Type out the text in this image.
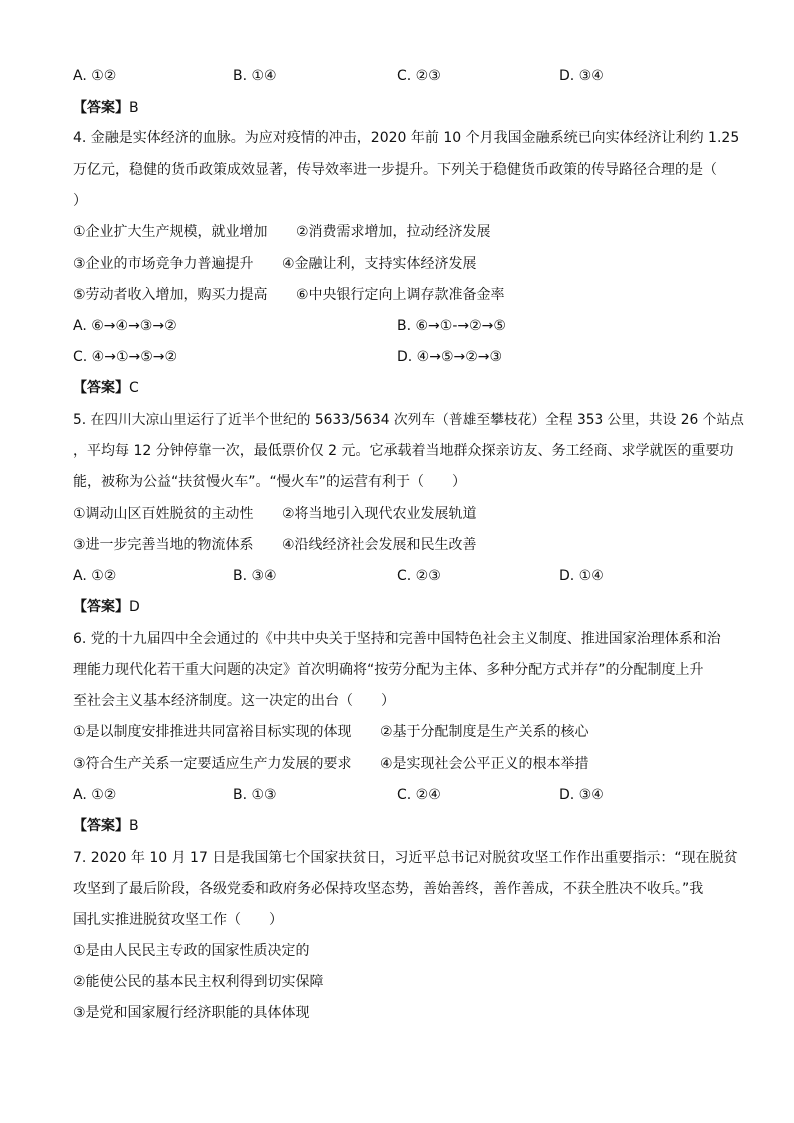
A. ①②	B. ①④	C. ②③	D. ③④
【答案】B
4. 金融是实体经济的血脉。为应对疫情的冲击，2020 年前 10 个月我国金融系统已向实体经济让利约 1.25
万亿元，稳健的货币政策成效显著，传导效率进一步提升。下列关于稳健货币政策的传导路径合理的是（
）
①企业扩大生产规模，就业增加 ②消费需求增加，拉动经济发展
③企业的市场竞争力普遍提升 ④金融让利，支持实体经济发展
⑤劳动者收入增加，购买力提高 ⑥中央银行定向上调存款准备金率
A. ⑥→④→③→②	B. ⑥→①-→②→⑤
C. ④→①→⑤→②	D. ④→⑤→②→③
【答案】C
5. 在四川大凉山里运行了近半个世纪的 5633/5634 次列车（普雄至攀枝花）全程 353 公里，共设 26 个站点
，平均每 12 分钟停靠一次，最低票价仅 2 元。它承载着当地群众探亲访友、务工经商、求学就医的重要功
能，被称为公益“扶贫慢火车”。“慢火车”的运营有利于（　　）
①调动山区百姓脱贫的主动性 ②将当地引入现代农业发展轨道
③进一步完善当地的物流体系 ④沿线经济社会发展和民生改善
A. ①②	B. ③④	C. ②③	D. ①④
【答案】D
6. 党的十九届四中全会通过的《中共中央关于坚持和完善中国特色社会主义制度、推进国家治理体系和治
理能力现代化若干重大问题的决定》首次明确将“按劳分配为主体、多种分配方式并存”的分配制度上升
至社会主义基本经济制度。这一决定的出台（　　）
①是以制度安排推进共同富裕目标实现的体现 ②基于分配制度是生产关系的核心
③符合生产关系一定要适应生产力发展的要求 ④是实现社会公平正义的根本举措
A. ①②	B. ①③	C. ②④	D. ③④
【答案】B
7. 2020 年 10 月 17 日是我国第七个国家扶贫日，习近平总书记对脱贫攻坚工作作出重要指示：“现在脱贫
攻坚到了最后阶段，各级党委和政府务必保持攻坚态势，善始善终，善作善成，不获全胜决不收兵。”我
国扎实推进脱贫攻坚工作（　　）
①是由人民民主专政的国家性质决定的
②能使公民的基本民主权利得到切实保障
③是党和国家履行经济职能的具体体现
